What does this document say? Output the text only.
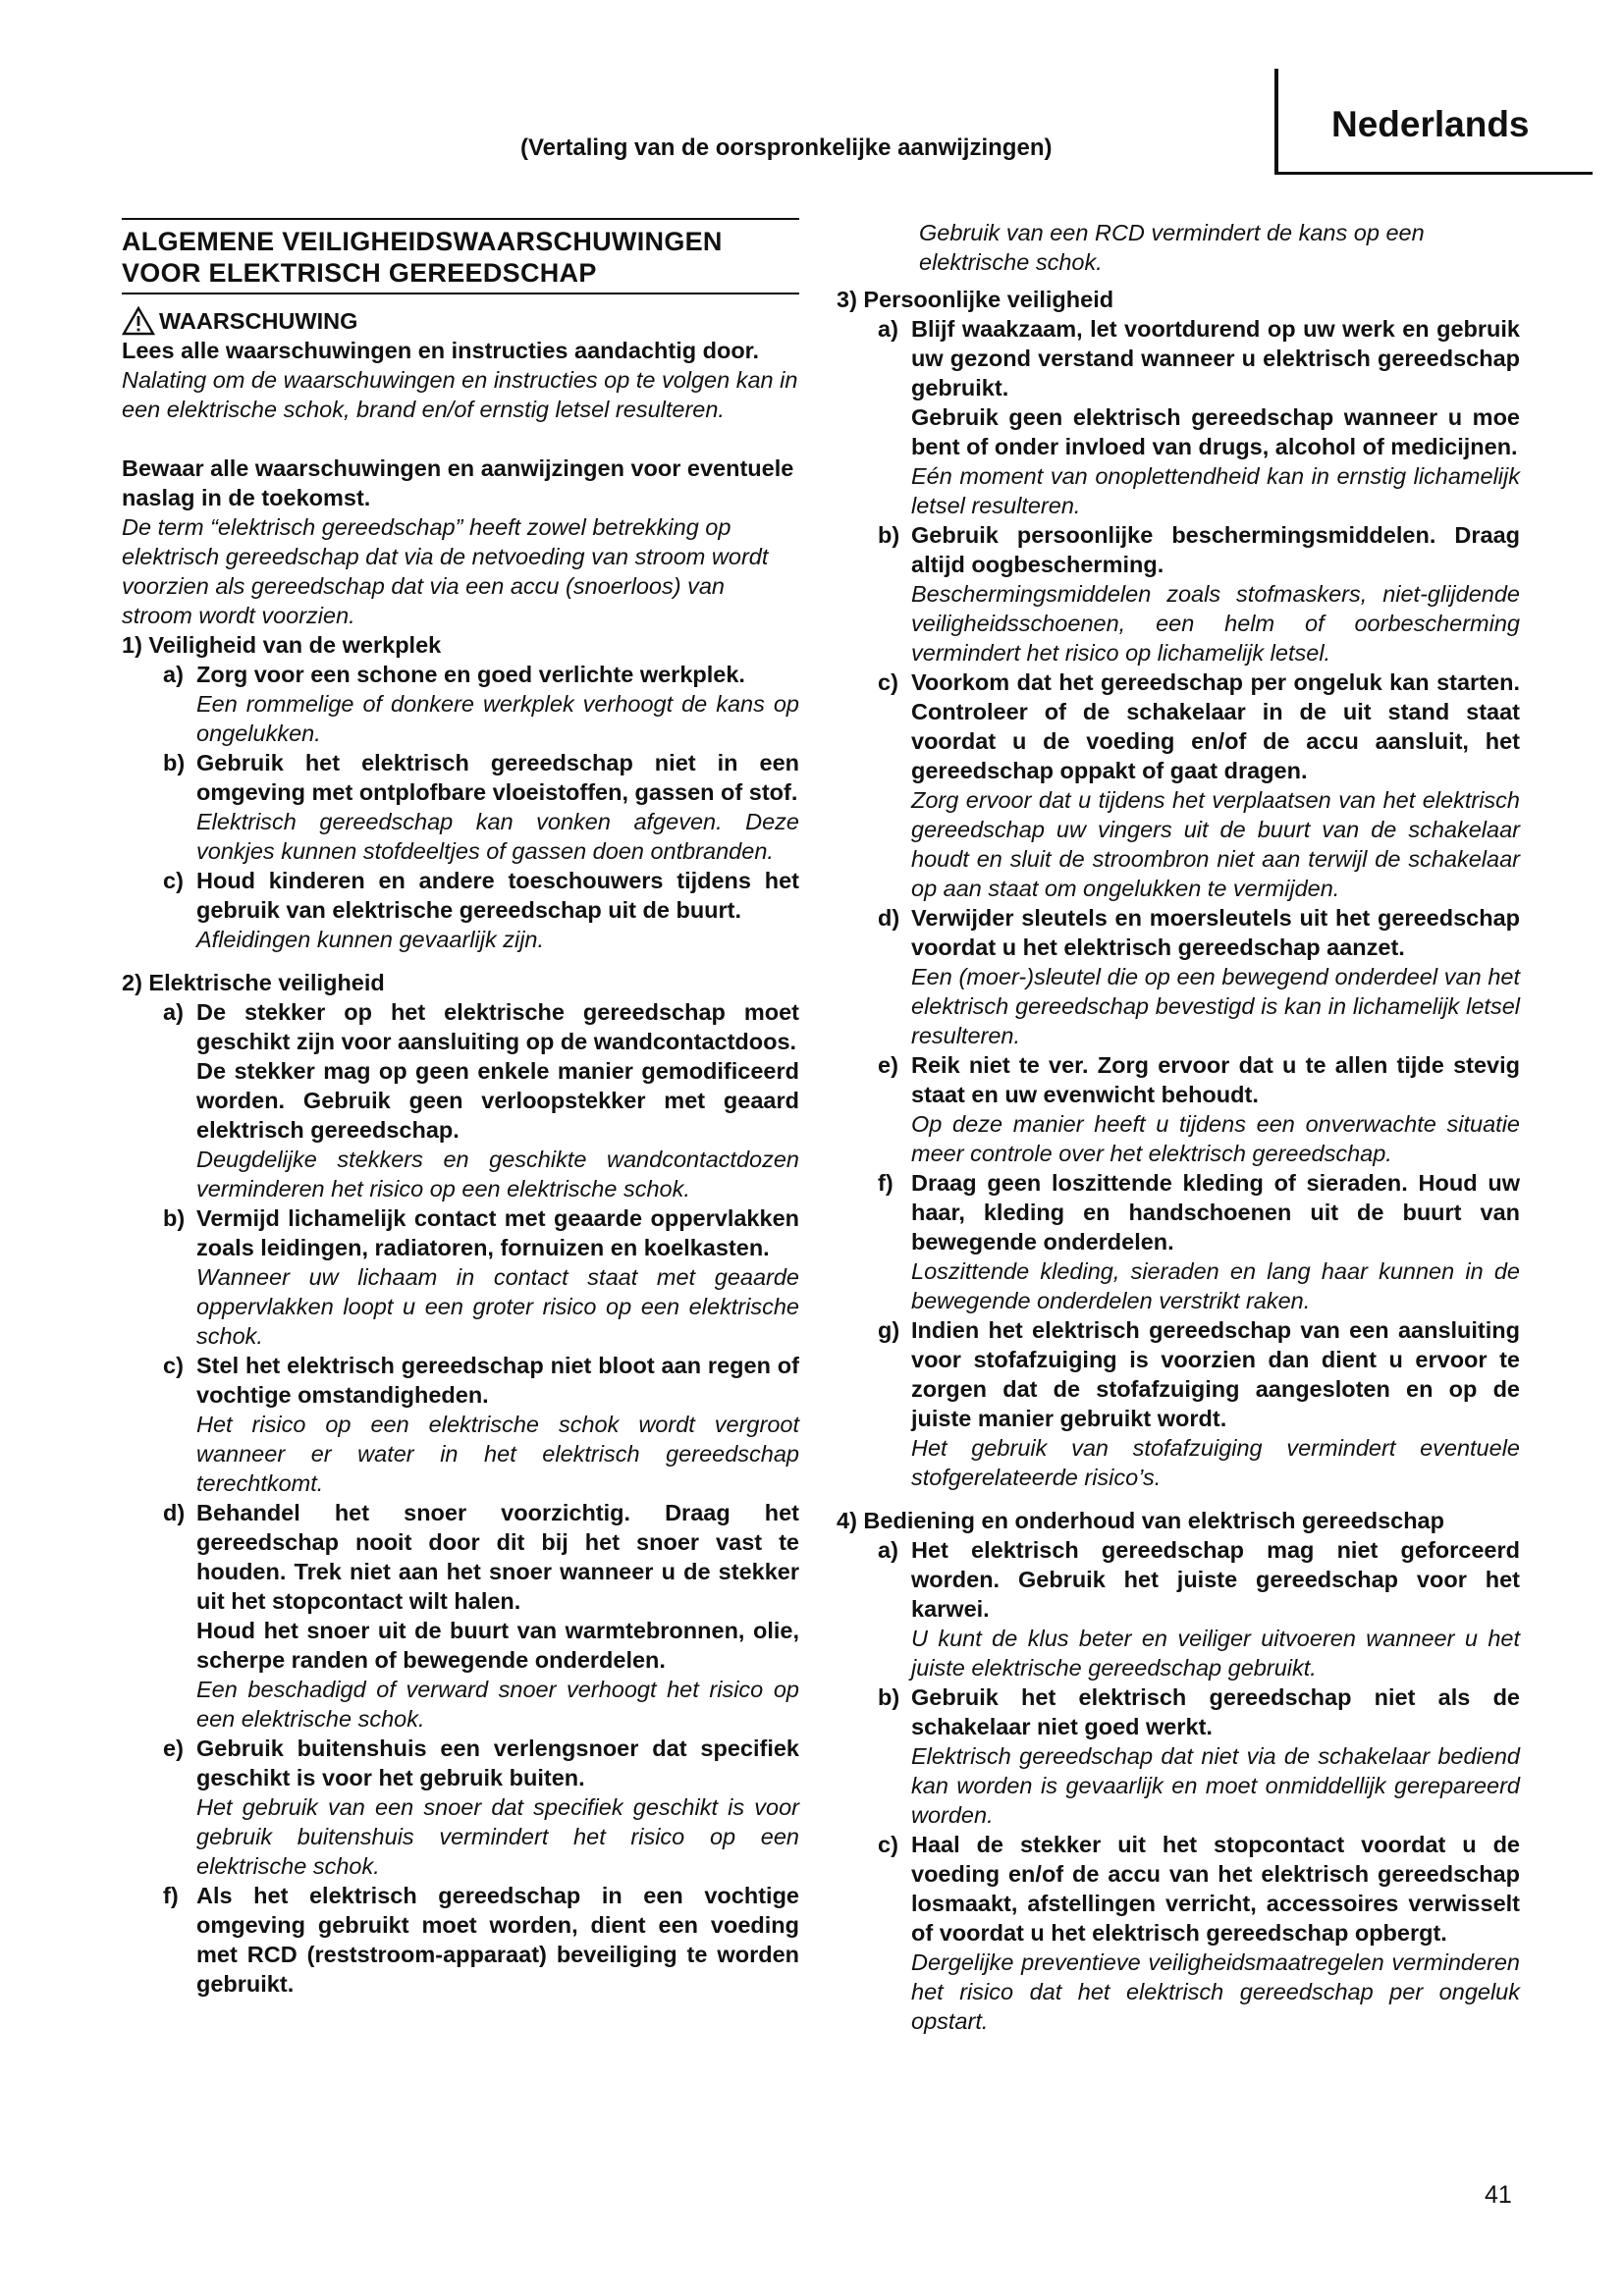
(Vertaling van de oorspronkelijke aanwijzingen)
Nederlands
ALGEMENE VEILIGHEIDSWAARSCHUWINGEN
VOOR ELEKTRISCH GEREEDSCHAP
WAARSCHUWING
Lees alle waarschuwingen en instructies aandachtig door.
Nalating om de waarschuwingen en instructies op te volgen kan in een elektrische schok, brand en/of ernstig letsel resulteren.
Bewaar alle waarschuwingen en aanwijzingen voor eventuele naslag in de toekomst.
De term “elektrisch gereedschap” heeft zowel betrekking op elektrisch gereedschap dat via de netvoeding van stroom wordt voorzien als gereedschap dat via een accu (snoerloos) van stroom wordt voorzien.
1) Veiligheid van de werkplek
a) Zorg voor een schone en goed verlichte werkplek.
Een rommelige of donkere werkplek verhoogt de kans op ongelukken.
b) Gebruik het elektrisch gereedschap niet in een omgeving met ontplofbare vloeistoffen, gassen of stof.
Elektrisch gereedschap kan vonken afgeven. Deze vonkjes kunnen stofdeeltjes of gassen doen ontbranden.
c) Houd kinderen en andere toeschouwers tijdens het gebruik van elektrische gereedschap uit de buurt.
Afleidingen kunnen gevaarlijk zijn.
2) Elektrische veiligheid
a) De stekker op het elektrische gereedschap moet geschikt zijn voor aansluiting op de wandcontactdoos.
De stekker mag op geen enkele manier gemodificeerd worden. Gebruik geen verloopstekker met geaard elektrisch gereedschap.
Deugdelijke stekkers en geschikte wandcontactdozen verminderen het risico op een elektrische schok.
b) Vermijd lichamelijk contact met geaarde oppervlakken zoals leidingen, radiatoren, fornuizen en koelkasten.
Wanneer uw lichaam in contact staat met geaarde oppervlakken loopt u een groter risico op een elektrische schok.
c) Stel het elektrisch gereedschap niet bloot aan regen of vochtige omstandigheden.
Het risico op een elektrische schok wordt vergroot wanneer er water in het elektrisch gereedschap terechtkomt.
d) Behandel het snoer voorzichtig. Draag het gereedschap nooit door dit bij het snoer vast te houden. Trek niet aan het snoer wanneer u de stekker uit het stopcontact wilt halen.
Houd het snoer uit de buurt van warmtebronnen, olie, scherpe randen of bewegende onderdelen.
Een beschadigd of verward snoer verhoogt het risico op een elektrische schok.
e) Gebruik buitenshuis een verlengsnoer dat specifiek geschikt is voor het gebruik buiten.
Het gebruik van een snoer dat specifiek geschikt is voor gebruik buitenshuis vermindert het risico op een elektrische schok.
f) Als het elektrisch gereedschap in een vochtige omgeving gebruikt moet worden, dient een voeding met RCD (reststroom-apparaat) beveiliging te worden gebruikt.
Gebruik van een RCD vermindert de kans op een elektrische schok.
3) Persoonlijke veiligheid
a) Blijf waakzaam, let voortdurend op uw werk en gebruik uw gezond verstand wanneer u elektrisch gereedschap gebruikt.
Gebruik geen elektrisch gereedschap wanneer u moe bent of onder invloed van drugs, alcohol of medicijnen.
Eén moment van onoplettendheid kan in ernstig lichamelijk letsel resulteren.
b) Gebruik persoonlijke beschermingsmiddelen. Draag altijd oogbescherming.
Beschermingsmiddelen zoals stofmaskers, niet-glijdende veiligheidsschoenen, een helm of oorbescherming vermindert het risico op lichamelijk letsel.
c) Voorkom dat het gereedschap per ongeluk kan starten. Controleer of de schakelaar in de uit stand staat voordat u de voeding en/of de accu aansluit, het gereedschap oppakt of gaat dragen.
Zorg ervoor dat u tijdens het verplaatsen van het elektrisch gereedschap uw vingers uit de buurt van de schakelaar houdt en sluit de stroombron niet aan terwijl de schakelaar op aan staat om ongelukken te vermijden.
d) Verwijder sleutels en moersleutels uit het gereedschap voordat u het elektrisch gereedschap aanzet.
Een (moer-)sleutel die op een bewegend onderdeel van het elektrisch gereedschap bevestigd is kan in lichamelijk letsel resulteren.
e) Reik niet te ver. Zorg ervoor dat u te allen tijde stevig staat en uw evenwicht behoudt.
Op deze manier heeft u tijdens een onverwachte situatie meer controle over het elektrisch gereedschap.
f) Draag geen loszittende kleding of sieraden. Houd uw haar, kleding en handschoenen uit de buurt van bewegende onderdelen.
Loszittende kleding, sieraden en lang haar kunnen in de bewegende onderdelen verstrikt raken.
g) Indien het elektrisch gereedschap van een aansluiting voor stofafzuiging is voorzien dan dient u ervoor te zorgen dat de stofafzuiging aangesloten en op de juiste manier gebruikt wordt.
Het gebruik van stofafzuiging vermindert eventuele stofgerelateerde risico’s.
4) Bediening en onderhoud van elektrisch gereedschap
a) Het elektrisch gereedschap mag niet geforceerd worden. Gebruik het juiste gereedschap voor het karwei.
U kunt de klus beter en veiliger uitvoeren wanneer u het juiste elektrische gereedschap gebruikt.
b) Gebruik het elektrisch gereedschap niet als de schakelaar niet goed werkt.
Elektrisch gereedschap dat niet via de schakelaar bediend kan worden is gevaarlijk en moet onmiddellijk gerepareerd worden.
c) Haal de stekker uit het stopcontact voordat u de voeding en/of de accu van het elektrisch gereedschap losmaakt, afstellingen verricht, accessoires verwisselt of voordat u het elektrisch gereedschap opbergt.
Dergelijke preventieve veiligheidsmaatregelen verminderen het risico dat het elektrisch gereedschap per ongeluk opstart.
41
